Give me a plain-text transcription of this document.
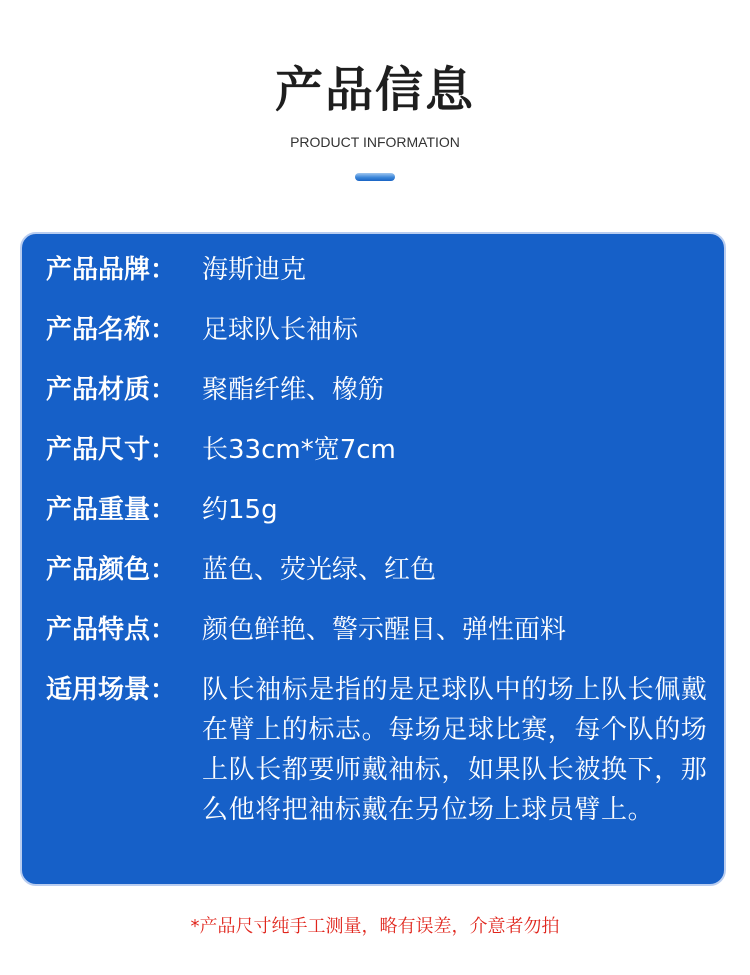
产品信息
PRODUCT INFORMATION
产品品牌： 海斯迪克
产品名称： 足球队长袖标
产品材质： 聚酯纤维、橡筋
产品尺寸： 长33cm*宽7cm
产品重量： 约15g
产品颜色： 蓝色、荧光绿、红色
产品特点： 颜色鲜艳、警示醒目、弹性面料
适用场景： 队长袖标是指的是足球队中的场上队长佩戴在臂上的标志。每场足球比赛，每个队的场上队长都要师戴袖标，如果队长被换下，那么他将把袖标戴在另位场上球员臂上。
*产品尺寸纯手工测量，略有误差，介意者勿拍
